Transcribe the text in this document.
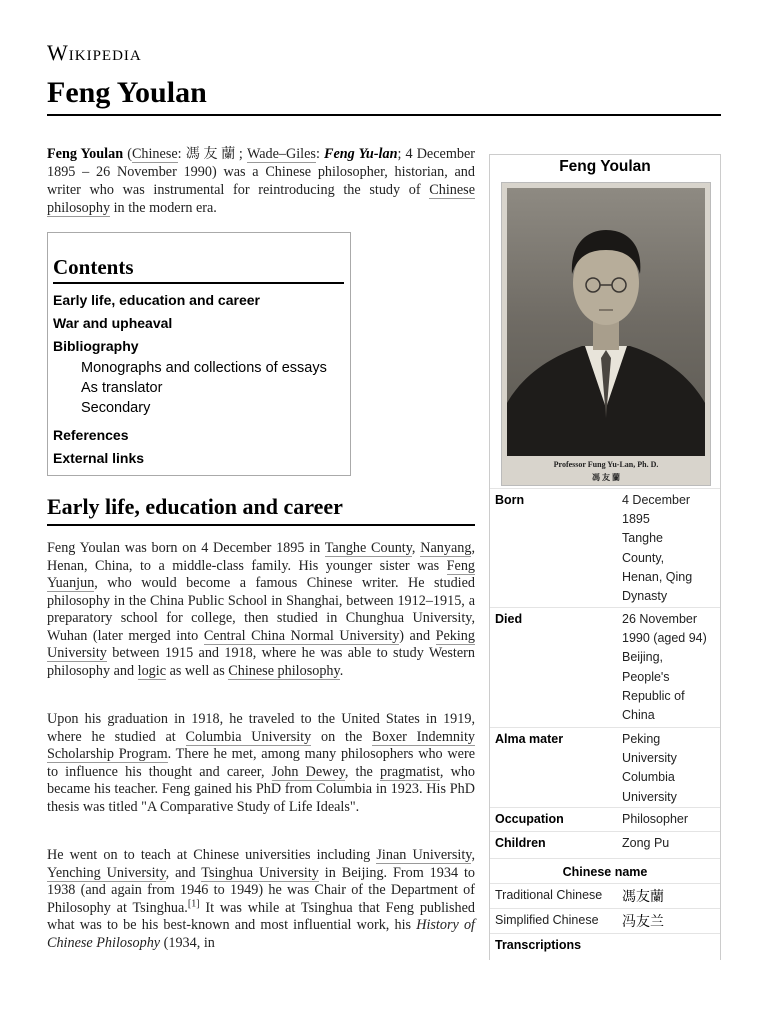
Wikipedia
Feng Youlan

Feng Youlan (Chinese: 馮友蘭; Wade–Giles: Feng Yu-lan; 4 December 1895 – 26 November 1990) was a Chinese philosopher, historian, and writer who was instrumental for reintroducing the study of Chinese philosophy in the modern era.

Contents
Early life, education and career
War and upheaval
Bibliography
Monographs and collections of essays
As translator
Secondary
References
External links
Early life, education and career

Feng Youlan was born on 4 December 1895 in Tanghe County, Nanyang, Henan, China, to a middle-class family. His younger sister was Feng Yuanjun, who would become a famous Chinese writer. He studied philosophy in the China Public School in Shanghai, between 1912–1915, a preparatory school for college, then studied in Chunghua University, Wuhan (later merged into Central China Normal University) and Peking University between 1915 and 1918, where he was able to study Western philosophy and logic as well as Chinese philosophy.

Upon his graduation in 1918, he traveled to the United States in 1919, where he studied at Columbia University on the Boxer Indemnity Scholarship Program. There he met, among many philosophers who were to influence his thought and career, John Dewey, the pragmatist, who became his teacher. Feng gained his PhD from Columbia in 1923. His PhD thesis was titled "A Comparative Study of Life Ideals".

He went on to teach at Chinese universities including Jinan University, Yenching University, and Tsinghua University in Beijing. From 1934 to 1938 (and again from 1946 to 1949) he was Chair of the Department of Philosophy at Tsinghua.[1] It was while at Tsinghua that Feng published what was to be his best-known and most influential work, his History of Chinese Philosophy (1934, in

Feng Youlan
Professor Fung Yu-Lan, Ph. D.
馮 友 蘭
Born	4 December
1895
Tanghe
County,
Henan, Qing
Dynasty
Died	26 November
1990 (aged 94)
Beijing,
People's
Republic of
China
Alma mater	Peking
University
Columbia
University
Occupation	Philosopher
Children	Zong Pu
Chinese name
Traditional Chinese 馮友蘭
Simplified Chinese 冯友兰
Transcriptions
